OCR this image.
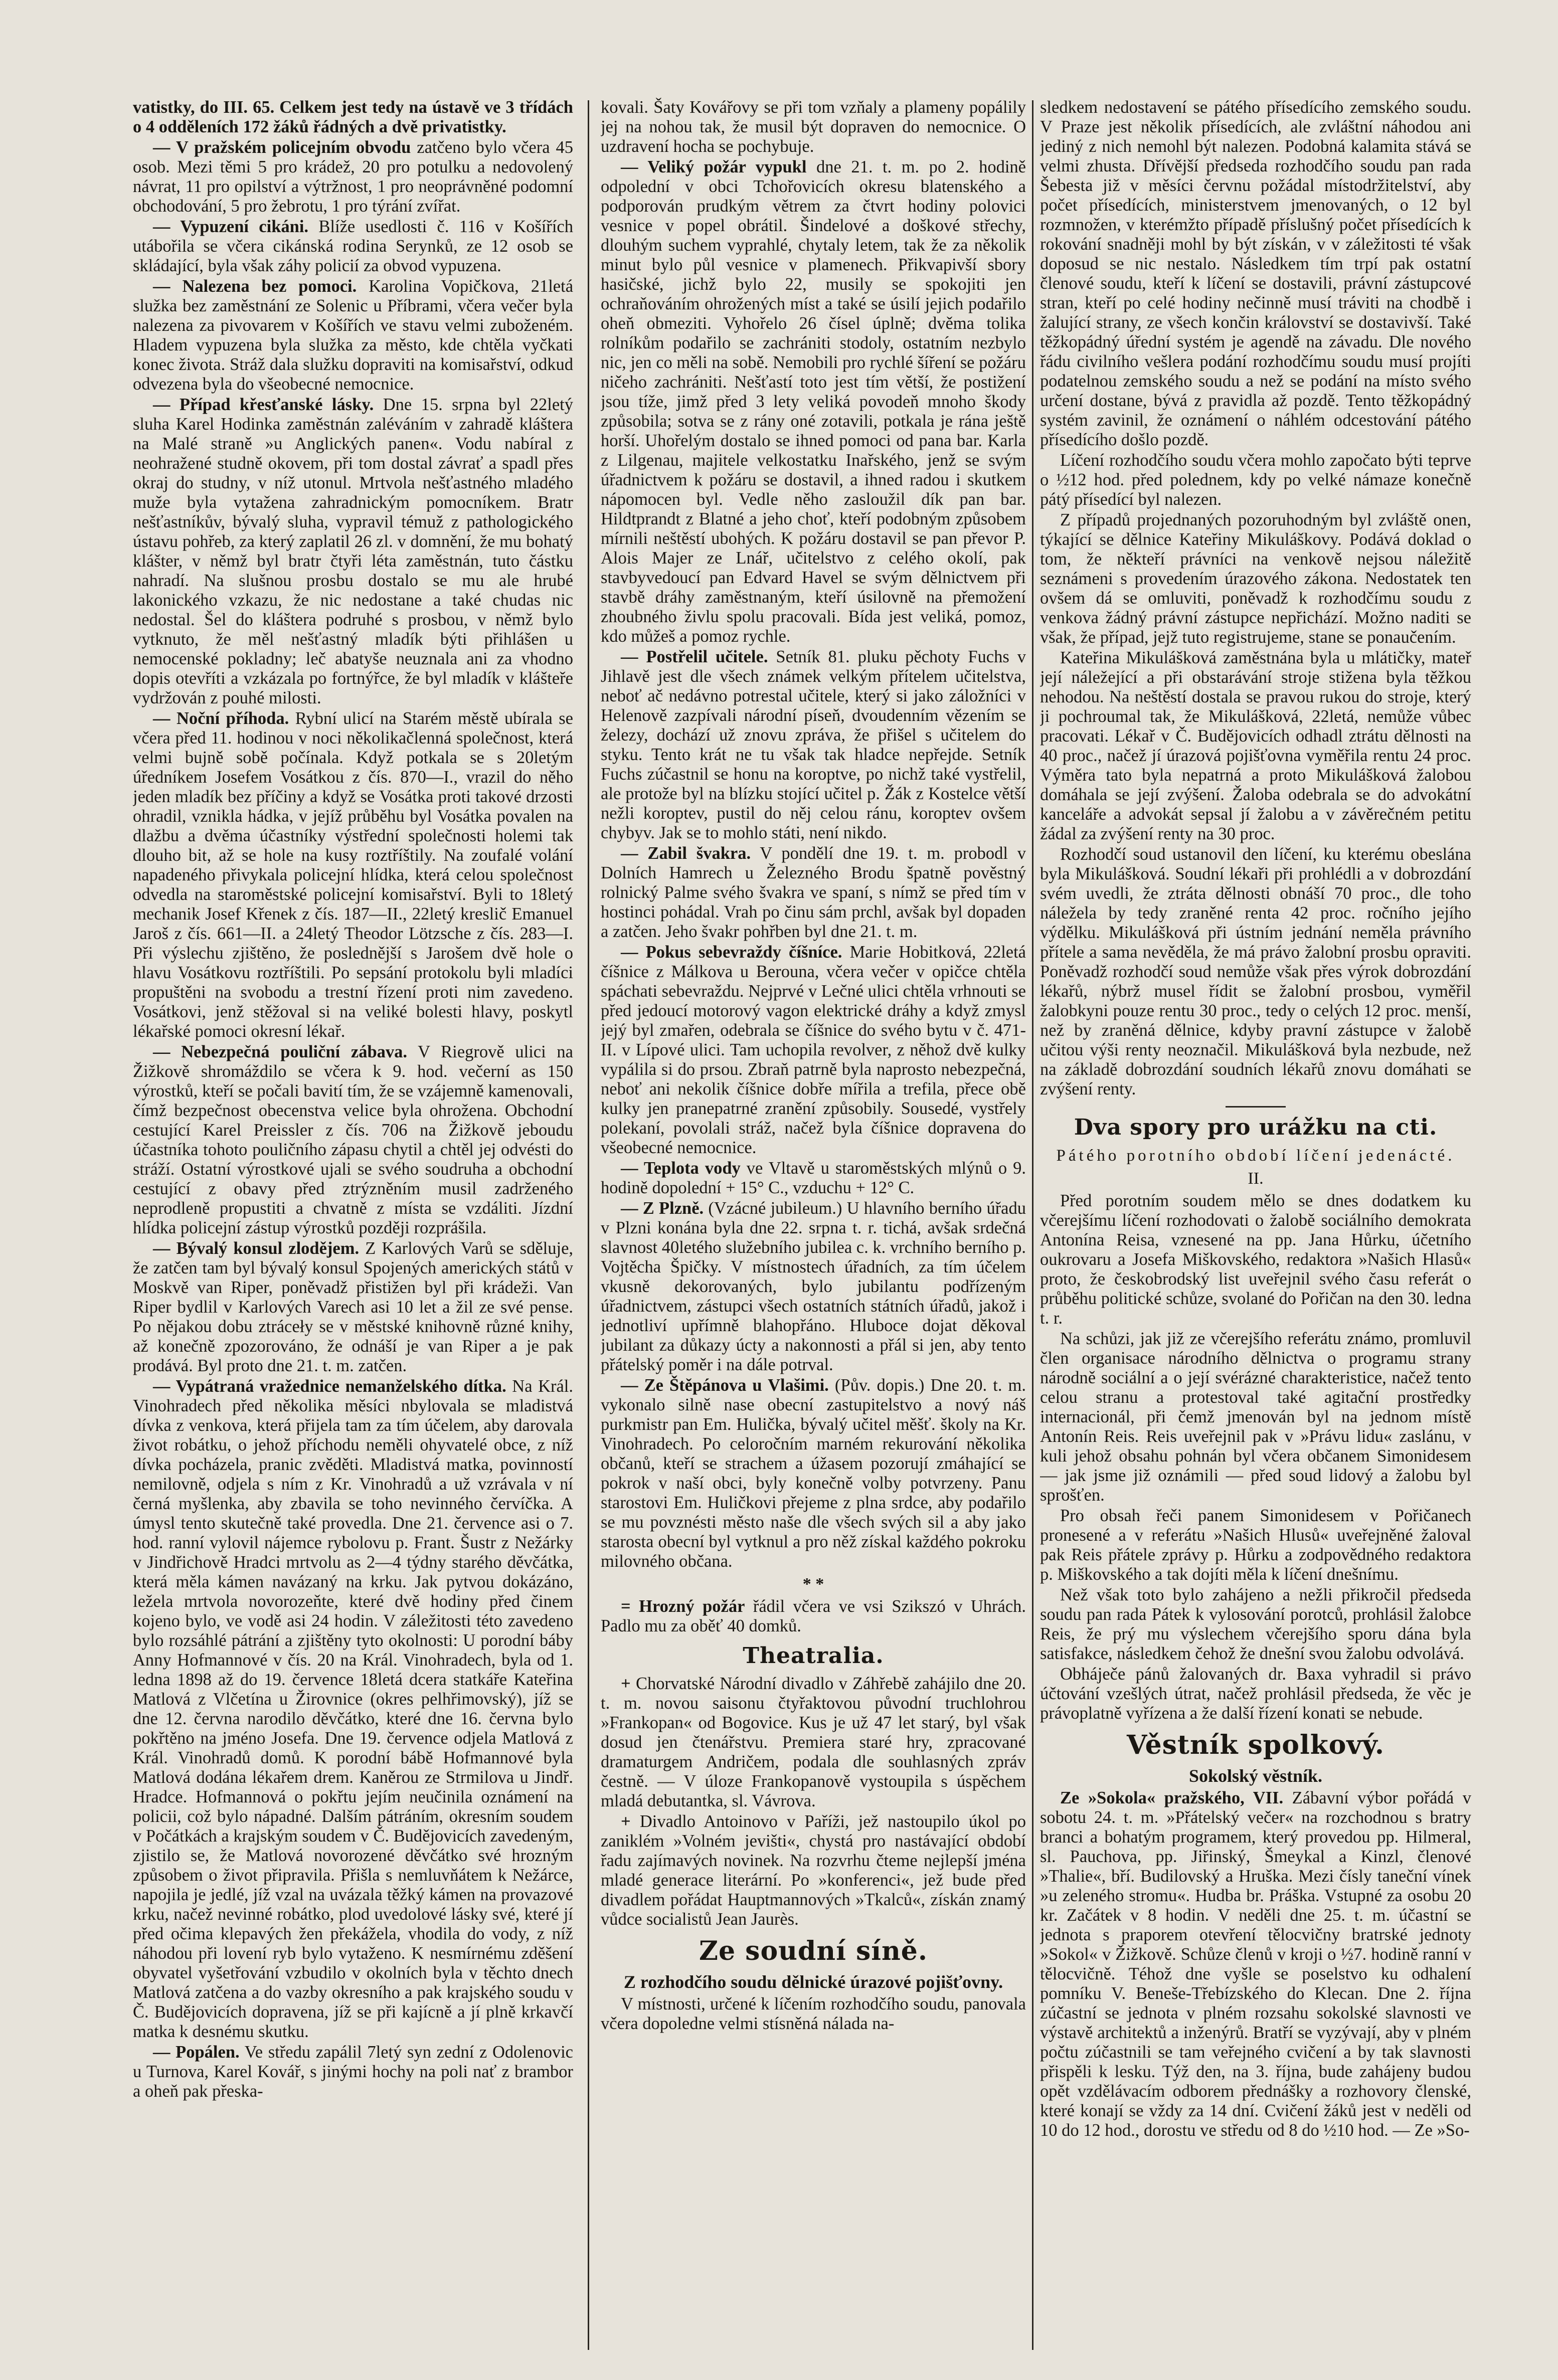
vatistky, do III. 65. Celkem jest tedy na ústavě ve 3 třídách o 4 odděleních 172 žáků řádných a dvě privatistky.

— V pražském policejním obvodu zatčeno bylo včera 45 osob. Mezi těmi 5 pro krádež, 20 pro potulku a nedovolený návrat, 11 pro opilství a výtržnost, 1 pro neoprávněné podomní obchodování, 5 pro žebrotu, 1 pro týrání zvířat.

— Vypuzení cikáni. Blíže usedlosti č. 116 v Košířích utábořila se včera cikánská rodina Serynků, ze 12 osob se skládající, byla však záhy policií za obvod vypuzena.

— Nalezena bez pomoci. Karolina Vopičkova, 21letá služka bez zaměstnání ze Solenic u Příbrami, včera večer byla nalezena za pivovarem v Košířích ve stavu velmi zuboženém. Hladem vypuzena byla služka za město, kde chtěla vyčkati konec života. Stráž dala služku dopraviti na komisařství, odkud odvezena byla do všeobecné nemocnice.

— Případ křesťanské lásky. Dne 15. srpna byl 22letý sluha Karel Hodinka zaměstnán zaléváním v zahradě kláštera na Malé straně »u Anglických panen«. Vodu nabíral z neohražené studně okovem, při tom dostal závrať a spadl přes okraj do studny, v níž utonul. Mrtvola nešťastného mladého muže byla vytažena zahradnickým pomocníkem. Bratr nešťastníkův, bývalý sluha, vypravil témuž z pathologického ústavu pohřeb, za který zaplatil 26 zl. v domnění, že mu bohatý klášter, v němž byl bratr čtyři léta zaměstnán, tuto částku nahradí. Na slušnou prosbu dostalo se mu ale hrubé lakonického vzkazu, že nic nedostane a také chudas nic nedostal. Šel do kláštera podruhé s prosbou, v němž bylo vytknuto, že měl nešťastný mladík býti přihlášen u nemocenské pokladny; leč abatyše neuznala ani za vhodno dopis otevříti a vzkázala po fortnýřce, že byl mladík v klášteře vydržován z pouhé milosti.

— Noční příhoda. Rybní ulicí na Starém městě ubírala se včera před 11. hodinou v noci několikačlenná společnost, která velmi bujně sobě počínala. Když potkala se s 20letým úředníkem Josefem Vosátkou z čís. 870—I., vrazil do něho jeden mladík bez příčiny a když se Vosátka proti takové drzosti ohradil, vznikla hádka, v jejíž průběhu byl Vosátka povalen na dlažbu a dvěma účastníky výstřední společnosti holemi tak dlouho bit, až se hole na kusy roztříštily. Na zoufalé volání napadeného přivykala policejní hlídka, která celou společnost odvedla na staroměstské policejní komisařství. Byli to 18letý mechanik Josef Křenek z čís. 187—II., 22letý kreslič Emanuel Jaroš z čís. 661—II. a 24letý Theodor Lötzsche z čís. 283—I. Při výslechu zjištěno, že poslednější s Jarošem dvě hole o hlavu Vosátkovu roztříštili. Po sepsání protokolu byli mladíci propuštěni na svobodu a trestní řízení proti nim zavedeno. Vosátkovi, jenž stěžoval si na veliké bolesti hlavy, poskytl lékařské pomoci okresní lékař.

— Nebezpečná pouliční zábava. V Riegrově ulici na Žižkově shromáždilo se včera k 9. hod. večerní as 150 výrostků, kteří se počali bavití tím, že se vzájemně kamenovali, čímž bezpečnost obecenstva velice byla ohrožena. Obchodní cestující Karel Preissler z čís. 706 na Žižkově jeboudu účastníka tohoto pouličního zápasu chytil a chtěl jej odvésti do stráží. Ostatní výrostkové ujali se svého soudruha a obchodní cestující z obavy před ztrýzněním musil zadrženého neprodleně propustiti a chvatně z místa se vzdáliti. Jízdní hlídka policejní zástup výrostků později rozprášila.

— Bývalý konsul zlodějem. Z Karlových Varů se sděluje, že zatčen tam byl bývalý konsul Spojených amerických států v Moskvě van Riper, poněvadž přistižen byl při krádeži. Van Riper bydlil v Karlových Varech asi 10 let a žil ze své pense. Po nějakou dobu ztráceły se v městské knihovně různé knihy, až konečně zpozorováno, že odnáší je van Riper a je pak prodává. Byl proto dne 21. t. m. zatčen.

— Vypátraná vražednice nemanželského dítka. Na Král. Vinohradech před několika měsíci nbylovala se mladistvá dívka z venkova, která přijela tam za tím účelem, aby darovala život robátku, o jehož příchodu neměli ohyvatelé obce, z níž dívka pocházela, pranic zvěděti. Mladistvá matka, povinností nemilovně, odjela s ním z Kr. Vinohradů a už vzrávala v ní černá myšlenka, aby zbavila se toho nevinného červíčka. A úmysl tento skutečně také provedla. Dne 21. července asi o 7. hod. ranní vylovil nájemce rybolovu p. Frant. Šustr z Nežárky v Jindřichově Hradci mrtvolu as 2—4 týdny starého děvčátka, která měla kámen navázaný na krku. Jak pytvou dokázáno, ležela mrtvola novorozeňte, které dvě hodiny před činem kojeno bylo, ve vodě asi 24 hodin. V záležitosti této zavedeno bylo rozsáhlé pátrání a zjištěny tyto okolnosti: U porodní báby Anny Hofmannové v čís. 20 na Král. Vinohradech, byla od 1. ledna 1898 až do 19. července 18letá dcera statkáře Kateřina Matlová z Vlčetína u Žirovnice (okres pelhřimovský), jíž se dne 12. června narodilo děvčátko, které dne 16. června bylo pokřtěno na jméno Josefa. Dne 19. července odjela Matlová z Král. Vinohradů domů. K porodní bábě Hofmannové byla Matlová dodána lékařem drem. Kaněrou ze Strmilova u Jindř. Hradce. Hofmannová o pokřtu jejím neučinila oznámení na policii, což bylo nápadné. Dalším pátráním, okresním soudem v Počátkách a krajským soudem v Č. Budějovicích zavedeným, zjistilo se, že Matlová novorozené děvčátko své hrozným způsobem o život připravila. Přišla s nemluvňátem k Nežárce, napojila je jedlé, jíž vzal na uvázala těžký kámen na provazové krku, načež nevinné robátko, plod uvedolové lásky své, které jí před očima klepavých žen překážela, vhodila do vody, z níž náhodou při lovení ryb bylo vytaženo. K nesmírnému zděšení obyvatel vyšetřování vzbudilo v okolních byla v těchto dnech Matlová zatčena a do vazby okresního a pak krajského soudu v Č. Budějovicích dopravena, jíž se při kajícně a jí plně krkavčí matka k desnému skutku.

— Popálen. Ve středu zapálil 7letý syn zední z Odolenovic u Turnova, Karel Kovář, s jinými hochy na poli nať z brambor a oheň pak přeska-

kovali. Šaty Kovářovy se při tom vzňaly a plameny popálily jej na nohou tak, že musil být dopraven do nemocnice. O uzdravení hocha se pochybuje.

— Veliký požár vypukl dne 21. t. m. po 2. hodině odpolední v obci Tchořovicích okresu blatenského a podporován prudkým větrem za čtvrt hodiny polovici vesnice v popel obrátil. Šindelové a doškové střechy, dlouhým suchem vyprahlé, chytaly letem, tak že za několik minut bylo půl vesnice v plamenech. Přikvapivší sbory hasičské, jichž bylo 22, musily se spokojiti jen ochraňováním ohrožených míst a také se úsilí jejich podařilo oheň obmeziti. Vyhořelo 26 čísel úplně; dvěma tolika rolníkům podařilo se zachrániti stodoly, ostatním nezbylo nic, jen co měli na sobě. Nemobili pro rychlé šíření se požáru ničeho zachrániti. Nešťastí toto jest tím větší, že postižení jsou tíže, jimž před 3 lety veliká povodeň mnoho škody způsobila; sotva se z rány oné zotavili, potkala je rána ještě horší. Uhořelým dostalo se ihned pomoci od pana bar. Karla z Lilgenau, majitele velkostatku Inařského, jenž se svým úřadnictvem k požáru se dostavil, a ihned radou i skutkem nápomocen byl. Vedle něho zasloužil dík pan bar. Hildtprandt z Blatné a jeho choť, kteří podobným způsobem mírnili neštěstí ubohých. K požáru dostavil se pan převor P. Alois Majer ze Lnář, učitelstvo z celého okolí, pak stavbyvedoucí pan Edvard Havel se svým dělnictvem při stavbě dráhy zaměstnaným, kteří úsilovně na přemožení zhoubného živlu spolu pracovali. Bída jest veliká, pomoz, kdo můžeš a pomoz rychle.

— Postřelil učitele. Setník 81. pluku pěchoty Fuchs v Jihlavě jest dle všech známek velkým přítelem učitelstva, neboť ač nedávno potrestal učitele, který si jako záložníci v Helenově zazpívali národní píseň, dvoudenním vězením se železy, dochází už znovu zpráva, že přišel s učitelem do styku. Tento krát ne tu však tak hladce nepřejde. Setník Fuchs zúčastnil se honu na koroptve, po nichž také vystřelil, ale protože byl na blízku stojící učitel p. Žák z Kostelce větší nežli koroptev, pustil do něj celou ránu, koroptev ovšem chybyv. Jak se to mohlo státi, není nikdo.

— Zabil švakra. V pondělí dne 19. t. m. probodl v Dolních Hamrech u Železného Brodu špatně pověstný rolnický Palme svého švakra ve spaní, s nímž se před tím v hostinci pohádal. Vrah po činu sám prchl, avšak byl dopaden a zatčen. Jeho švakr pohřben byl dne 21. t. m.

— Pokus sebevraždy číšníce. Marie Hobitková, 22letá číšnice z Málkova u Berouna, včera večer v opičce chtěla spáchati sebevraždu. Nejprvé v Lečné ulici chtěla vrhnouti se před jedoucí motorový vagon elektrické dráhy a když zmysl jejý byl zmařen, odebrala se číšnice do svého bytu v č. 471-II. v Lípové ulici. Tam uchopila revolver, z něhož dvě kulky vypálila si do prsou. Zbraň patrně byla naprosto nebezpečná, neboť ani nekolik číšnice dobře mířila a trefila, přece obě kulky jen pranepatrné zranění způsobily. Sousedé, vystřely polekaní, povolali stráž, načež byla číšnice dopravena do všeobecné nemocnice.

— Teplota vody ve Vltavě u staroměstských mlýnů o 9. hodině dopolední + 15° C., vzduchu + 12° C.

— Z Plzně. (Vzácné jubileum.) U hlavního berního úřadu v Plzni konána byla dne 22. srpna t. r. tichá, avšak srdečná slavnost 40letého služebního jubilea c. k. vrchního berního p. Vojtěcha Špičky. V místnostech úřadních, za tím účelem vkusně dekorovaných, bylo jubilantu podřízeným úřadnictvem, zástupci všech ostatních státních úřadů, jakož i jednotliví upřímně blahopřáno. Hluboce dojat děkoval jubilant za důkazy úcty a nakonnosti a přál si jen, aby tento přátelský poměr i na dále potrval.

— Ze Štěpánova u Vlašimi. (Pův. dopis.) Dne 20. t. m. vykonalo silně nase obecní zastupitelstvo a nový náš purkmistr pan Em. Hulička, bývalý učitel měšť. školy na Kr. Vinohradech. Po celoročním marném rekurování několika občanů, kteří se strachem a úžasem pozorují zmáhající se pokrok v naší obci, byly konečně volby potvrzeny. Panu starostovi Em. Huličkovi přejeme z plna srdce, aby podařilo se mu povznésti město naše dle všech svých sil a aby jako starosta obecní byl vytknul a pro něž získal každého pokroku milovného občana.

* *

= Hrozný požár řádil včera ve vsi Szikszó v Uhrách. Padlo mu za oběť 40 domků.

Theatralia.

+ Chorvatské Národní divadlo v Záhřebě zahájilo dne 20. t. m. novou saisonu čtyřaktovou původní truchlohrou »Frankopan« od Bogovice. Kus je už 47 let starý, byl však dosud jen čtenářstvu. Premiera staré hry, zpracované dramaturgem Andričem, podala dle souhlasných zpráv čestně. — V úloze Frankopanově vystoupila s úspěchem mladá debutantka, sl. Vávrova.

+ Divadlo Antoinovo v Paříži, jež nastoupilo úkol po zaniklém »Volném jevišti«, chystá pro nastávající období řadu zajímavých novinek. Na rozvrhu čteme nejlepší jména mladé generace literární. Po »konferenci«, jež bude před divadlem pořádat Hauptmannových »Tkalců«, získán znamý vůdce socialistů Jean Jaurès.

Ze soudní síně.
Z rozhodčího soudu dělnické úrazové pojišťovny.

V místnosti, určené k líčením rozhodčího soudu, panovala včera dopoledne velmi stísněná nálada na-

sledkem nedostavení se pátého přísedícího zemského soudu. V Praze jest několik přísedících, ale zvláštní náhodou ani jediný z nich nemohl být nalezen. Podobná kalamita stává se velmi zhusta. Dřívější předseda rozhodčího soudu pan rada Šebesta již v měsíci červnu požádal místodržitelství, aby počet přísedících, ministerstvem jmenovaných, o 12 byl rozmnožen, v kterémžto případě příslušný počet přísedících k rokování snadněji mohl by být získán, v v záležitosti té však doposud se nic nestalo. Následkem tím trpí pak ostatní členové soudu, kteří k líčení se dostavili, právní zástupcové stran, kteří po celé hodiny nečinně musí tráviti na chodbě i žalující strany, ze všech končin království se dostavivší. Také těžkopádný úřední systém je agendě na závadu. Dle nového řádu civilního vešlera podání rozhodčímu soudu musí projíti podatelnou zemského soudu a než se podání na místo svého určení dostane, bývá z pravidla až pozdě. Tento těžkopádný systém zavinil, že oznámení o náhlém odcestování pátého přísedícího došlo pozdě.

Líčení rozhodčího soudu včera mohlo započato býti teprve o ½12 hod. před polednem, kdy po velké námaze konečně pátý přísedící byl nalezen.

Z případů projednaných pozoruhodným byl zvláště onen, týkající se dělnice Kateřiny Mikuláškovy. Podává doklad o tom, že někteří právníci na venkově nejsou náležitě seznámeni s provedením úrazového zákona. Nedostatek ten ovšem dá se omluviti, poněvadž k rozhodčímu soudu z venkova žádný právní zástupce nepřichází. Možno naditi se však, že případ, jejž tuto registrujeme, stane se ponaučením.

Kateřina Mikulášková zaměstnána byla u mlátičky, mateř její náležející a při obstarávání stroje stižena byla těžkou nehodou. Na neštěstí dostala se pravou rukou do stroje, který ji pochroumal tak, že Mikulášková, 22letá, nemůže vůbec pracovati. Lékař v Č. Budějovicích odhadl ztrátu dělnosti na 40 proc., načež jí úrazová pojišťovna vyměřila rentu 24 proc. Výměra tato byla nepatrná a proto Mikulášková žalobou domáhala se její zvýšení. Žaloba odebrala se do advokátní kanceláře a advokát sepsal jí žalobu a v závěrečném petitu žádal za zvýšení renty na 30 proc.

Rozhodčí soud ustanovil den líčení, ku kterému obeslána byla Mikulášková. Soudní lékaři při prohlédli a v dobrozdání svém uvedli, že ztráta dělnosti obnáší 70 proc., dle toho náležela by tedy zraněné renta 42 proc. ročního jejího výdělku. Mikulášková při ústním jednání neměla právního přítele a sama nevěděla, že má právo žalobní prosbu opraviti. Poněvadž rozhodčí soud nemůže však přes výrok dobrozdání lékařů, nýbrž musel řídit se žalobní prosbou, vyměřil žalobkyni pouze rentu 30 proc., tedy o celých 12 proc. menší, než by zraněná dělnice, kdyby pravní zástupce v žalobě učitou výši renty neoznačil. Mikulášková byla nezbude, než na základě dobrozdání soudních lékařů znovu domáhati se zvýšení renty.

Dva spory pro urážku na cti.
Pátého porotního období líčení jedenácté.
II.

Před porotním soudem mělo se dnes dodatkem ku včerejšímu líčení rozhodovati o žalobě sociálního demokrata Antonína Reisa, vznesené na pp. Jana Hůrku, účetního oukrovaru a Josefa Miškovského, redaktora »Našich Hlasů« proto, že českobrodský list uveřejnil svého času referát o průběhu politické schůze, svolané do Pořičan na den 30. ledna t. r.

Na schůzi, jak již ze včerejšího referátu známo, promluvil člen organisace národního dělnictva o programu strany národně sociální a o její svérázné charakteristice, načež tento celou stranu a protestoval také agitační prostředky internacionál, při čemž jmenován byl na jednom místě Antonín Reis. Reis uveřejnil pak v »Právu lidu« zaslánu, v kuli jehož obsahu pohnán byl včera občanem Simonidesem — jak jsme již oznámili — před soud lidový a žalobu byl sprošťen.

Pro obsah řeči panem Simonidesem v Pořičanech pronesené a v referátu »Našich Hlusů« uveřejněné žaloval pak Reis přátele zprávy p. Hůrku a zodpovědného redaktora p. Miškovského a tak dojíti měla k líčení dnešnímu.

Než však toto bylo zahájeno a nežli přikročil předseda soudu pan rada Pátek k vylosování porotců, prohlásil žalobce Reis, že prý mu výslechem včerejšího sporu dána byla satisfakce, následkem čehož že dnešní svou žalobu odvolává.

Obháječe pánů žalovaných dr. Baxa vyhradil si právo účtování vzešlých útrat, načež prohlásil předseda, že věc je právoplatně vyřízena a že další řízení konati se nebude.

Věstník spolkový.
Sokolský věstník.

Ze »Sokola« pražského, VII. Zábavní výbor pořádá v sobotu 24. t. m. »Přátelský večer« na rozchodnou s bratry branci a bohatým programem, který provedou pp. Hilmeral, sl. Pauchova, pp. Jiřinský, Šmeykal a Kinzl, členové »Thalie«, bří. Budilovský a Hruška. Mezi čísly taneční vínek »u zeleného stromu«. Hudba br. Práška. Vstupné za osobu 20 kr. Začátek v 8 hodin. V neděli dne 25. t. m. účastní se jednota s praporem otevření tělocvičny bratrské jednoty »Sokol« v Žižkově. Schůze členů v kroji o ½7. hodině ranní v tělocvičně. Téhož dne vyšle se poselstvo ku odhalení pomníku V. Beneše-Třebízského do Klecan. Dne 2. října zúčastní se jednota v plném rozsahu sokolské slavnosti ve výstavě architektů a inženýrů. Bratří se vyzývají, aby v plném počtu zúčastnili se tam veřejného cvičení a by tak slavnosti přispěli k lesku. Týž den, na 3. října, bude zahájeny budou opět vzdělávacím odborem přednášky a rozhovory členské, které konají se vždy za 14 dní. Cvičení žáků jest v neděli od 10 do 12 hod., dorostu ve středu od 8 do ½10 hod. — Ze »So-
